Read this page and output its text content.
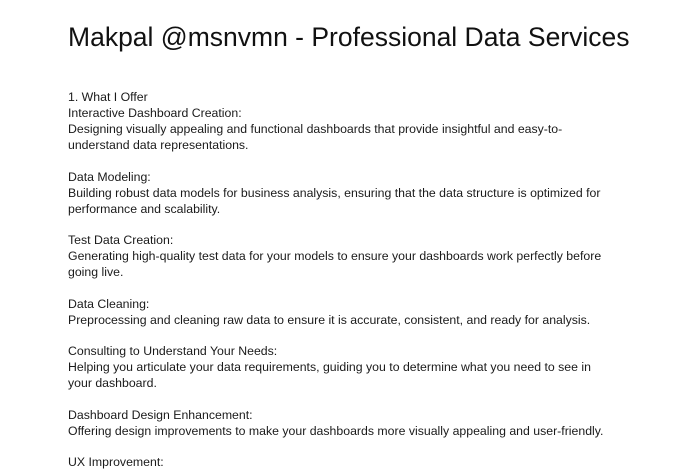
Makpal @msnvmn - Professional Data Services
1. What I Offer
Interactive Dashboard Creation:
Designing visually appealing and functional dashboards that provide insightful and easy-to-
understand data representations.
Data Modeling:
Building robust data models for business analysis, ensuring that the data structure is optimized for
performance and scalability.
Test Data Creation:
Generating high-quality test data for your models to ensure your dashboards work perfectly before
going live.
Data Cleaning:
Preprocessing and cleaning raw data to ensure it is accurate, consistent, and ready for analysis.
Consulting to Understand Your Needs:
Helping you articulate your data requirements, guiding you to determine what you need to see in
your dashboard.
Dashboard Design Enhancement:
Offering design improvements to make your dashboards more visually appealing and user-friendly.
UX Improvement:
